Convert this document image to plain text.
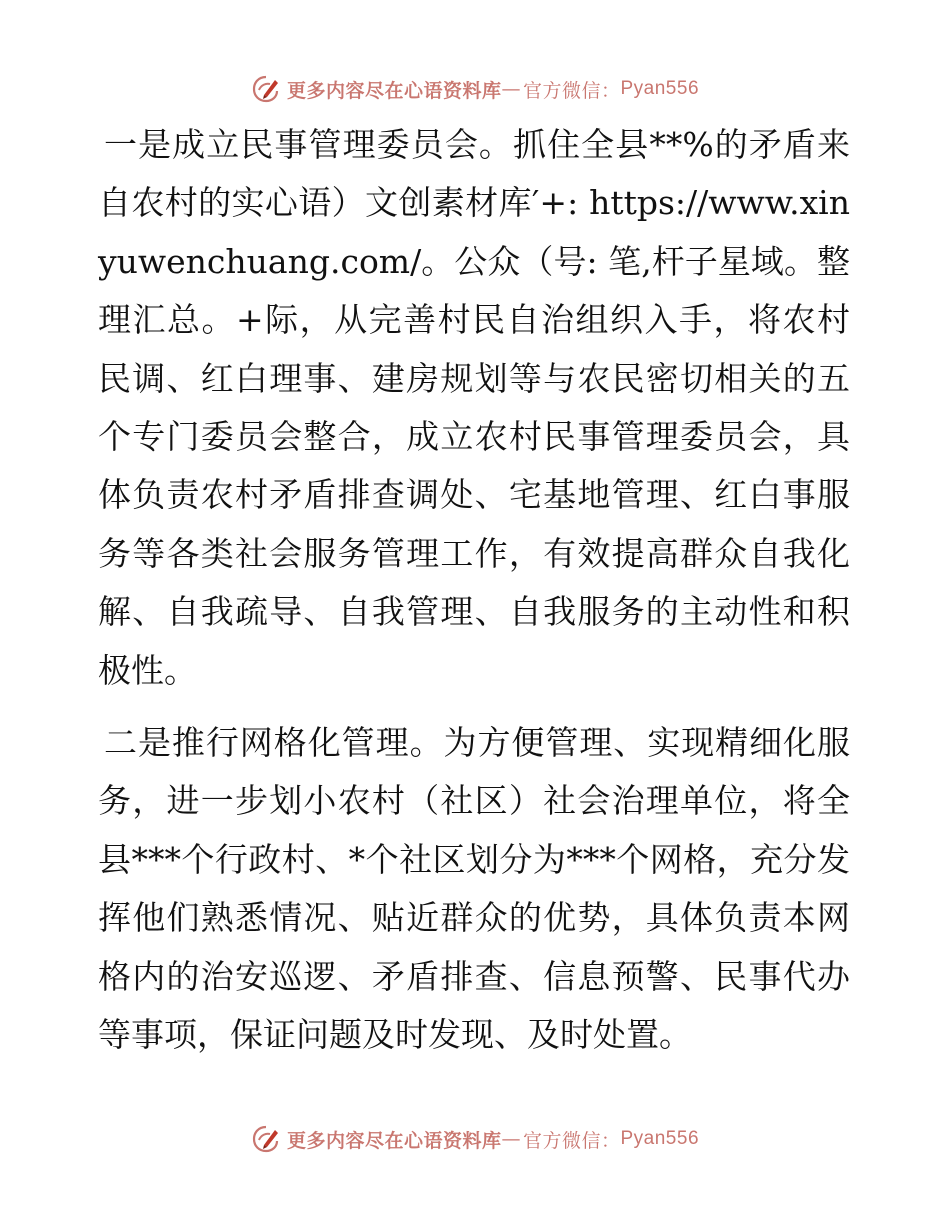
更多内容尽在心语资料库 — 官方微信： Pyan556

一是成立民事管理委员会。抓住全县**%的矛盾来自农村的实心语）文创素材库′+: https://www.xinyuwenchuang.com/。公众（号: 笔,杆子星域。整理汇总。+际，从完善村民自治组织入手，将农村民调、红白理事、建房规划等与农民密切相关的五个专门委员会整合，成立农村民事管理委员会，具体负责农村矛盾排查调处、宅基地管理、红白事服务等各类社会服务管理工作，有效提高群众自我化解、自我疏导、自我管理、自我服务的主动性和积极性。

二是推行网格化管理。为方便管理、实现精细化服务，进一步划小农村（社区）社会治理单位，将全县***个行政村、*个社区划分为***个网格，充分发挥他们熟悉情况、贴近群众的优势，具体负责本网格内的治安巡逻、矛盾排查、信息预警、民事代办等事项，保证问题及时发现、及时处置。

更多内容尽在心语资料库 — 官方微信： Pyan556
